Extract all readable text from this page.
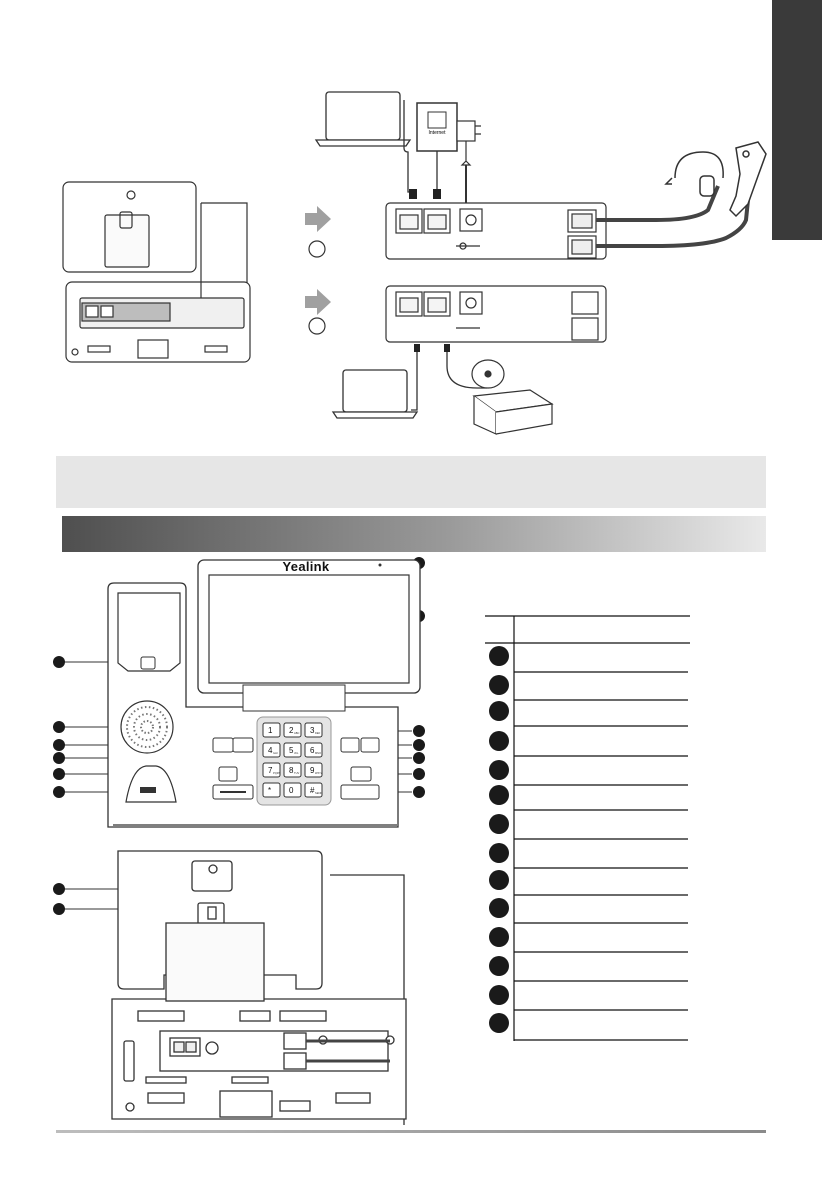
Internet
Yealink
1 2 ABC 3 DEF
4 GHI 5 JKL 6 MNO
7 PQRS 8 TUV 9 WXYZ
* 0 # SEND
